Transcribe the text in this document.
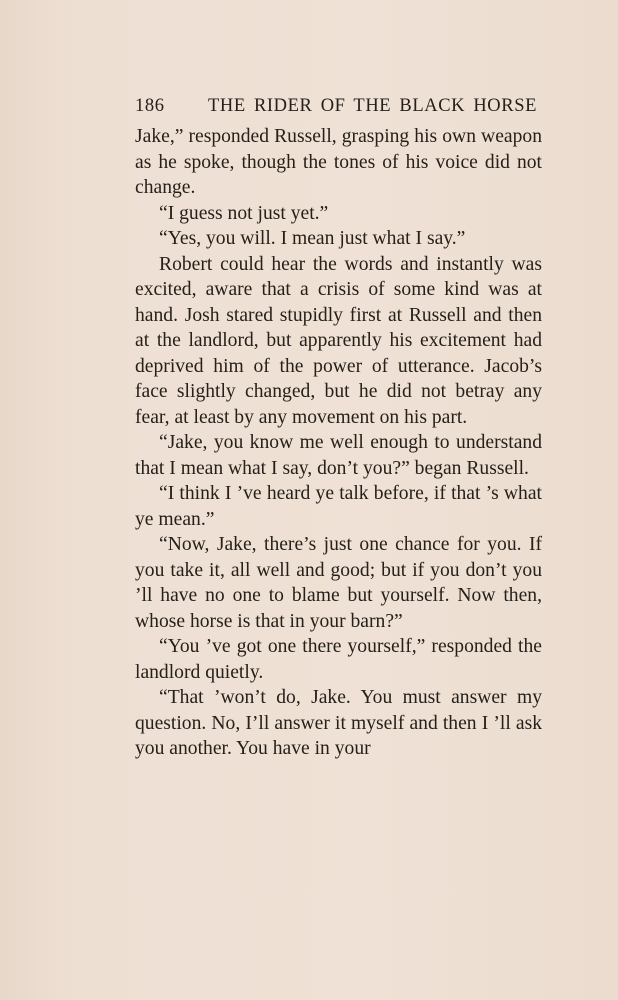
186 THE RIDER OF THE BLACK HORSE

Jake,” responded Russell, grasping his own weapon as he spoke, though the tones of his voice did not change.

“I guess not just yet.”

“Yes, you will. I mean just what I say.”

Robert could hear the words and instantly was excited, aware that a crisis of some kind was at hand. Josh stared stupidly first at Russell and then at the landlord, but apparently his excitement had deprived him of the power of utterance. Jacob’s face slightly changed, but he did not betray any fear, at least by any movement on his part.

“Jake, you know me well enough to understand that I mean what I say, don’t you?” began Russell.

“I think I ’ve heard ye talk before, if that ’s what ye mean.”

“Now, Jake, there’s just one chance for you. If you take it, all well and good; but if you don’t you ’ll have no one to blame but yourself. Now then, whose horse is that in your barn?”

“You ’ve got one there yourself,” responded the landlord quietly.

“That ’won’t do, Jake. You must answer my question. No, I’ll answer it myself and then I ’ll ask you another. You have in your
